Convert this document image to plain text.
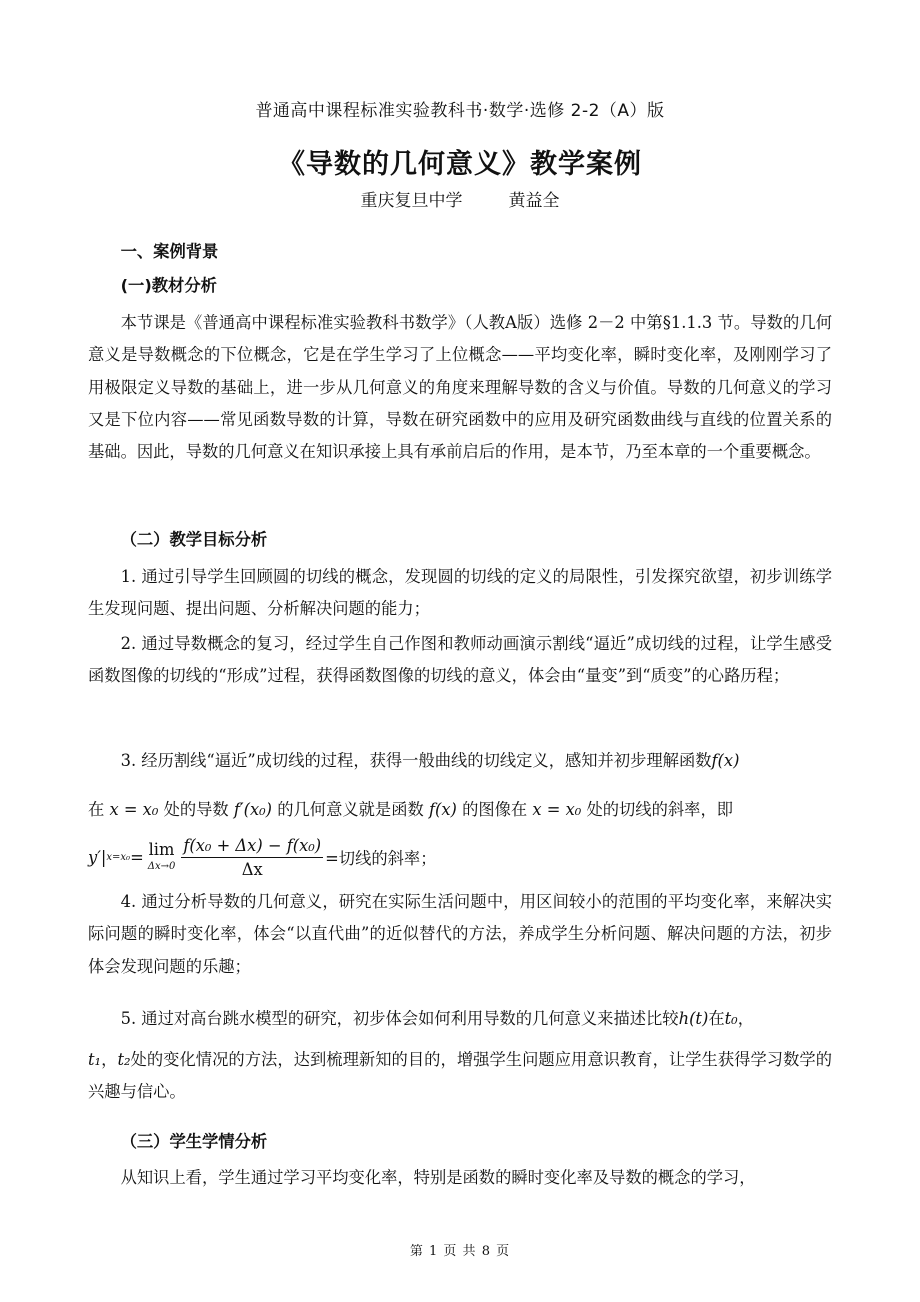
普通高中课程标准实验教科书·数学·选修 2-2（A）版
《导数的几何意义》教学案例
重庆复旦中学	黄益全
一、案例背景
(一)教材分析
本节课是《普通高中课程标准实验教科书数学》（人教A版）选修 2－2 中第§1.1.3 节。导数的几何意义是导数概念的下位概念，它是在学生学习了上位概念——平均变化率，瞬时变化率，及刚刚学习了用极限定义导数的基础上，进一步从几何意义的角度来理解导数的含义与价值。导数的几何意义的学习又是下位内容——常见函数导数的计算，导数在研究函数中的应用及研究函数曲线与直线的位置关系的基础。因此，导数的几何意义在知识承接上具有承前启后的作用，是本节，乃至本章的一个重要概念。
（二）教学目标分析
1. 通过引导学生回顾圆的切线的概念，发现圆的切线的定义的局限性，引发探究欲望，初步训练学生发现问题、提出问题、分析解决问题的能力；
2. 通过导数概念的复习，经过学生自己作图和教师动画演示割线“逼近”成切线的过程，让学生感受函数图像的切线的“形成”过程，获得函数图像的切线的意义，体会由“量变”到“质变”的心路历程；
3. 经历割线“逼近”成切线的过程，获得一般曲线的切线定义，感知并初步理解函数f(x)
在 x = x₀ 处的导数 f′(x₀) 的几何意义就是函数 f(x) 的图像在 x = x₀ 处的切线的斜率，即
y′| x=x₀ = lim
$\Delta x\to 0 \frac{\text{f(x₀ + Δx) − f(x₀)}}{\Delta x}$ =切线的斜率；
4. 通过分析导数的几何意义，研究在实际生活问题中，用区间较小的范围的平均变化率，来解决实际问题的瞬时变化率，体会“以直代曲”的近似替代的方法，养成学生分析问题、解决问题的方法，初步体会发现问题的乐趣；
5. 通过对高台跳水模型的研究，初步体会如何利用导数的几何意义来描述比较h(t)在t₀，
t₁，t₂处的变化情况的方法，达到梳理新知的目的，增强学生问题应用意识教育，让学生获得学习数学的兴趣与信心。
（三）学生学情分析
从知识上看，学生通过学习平均变化率，特别是函数的瞬时变化率及导数的概念的学习，
第 1 页 共 8 页
